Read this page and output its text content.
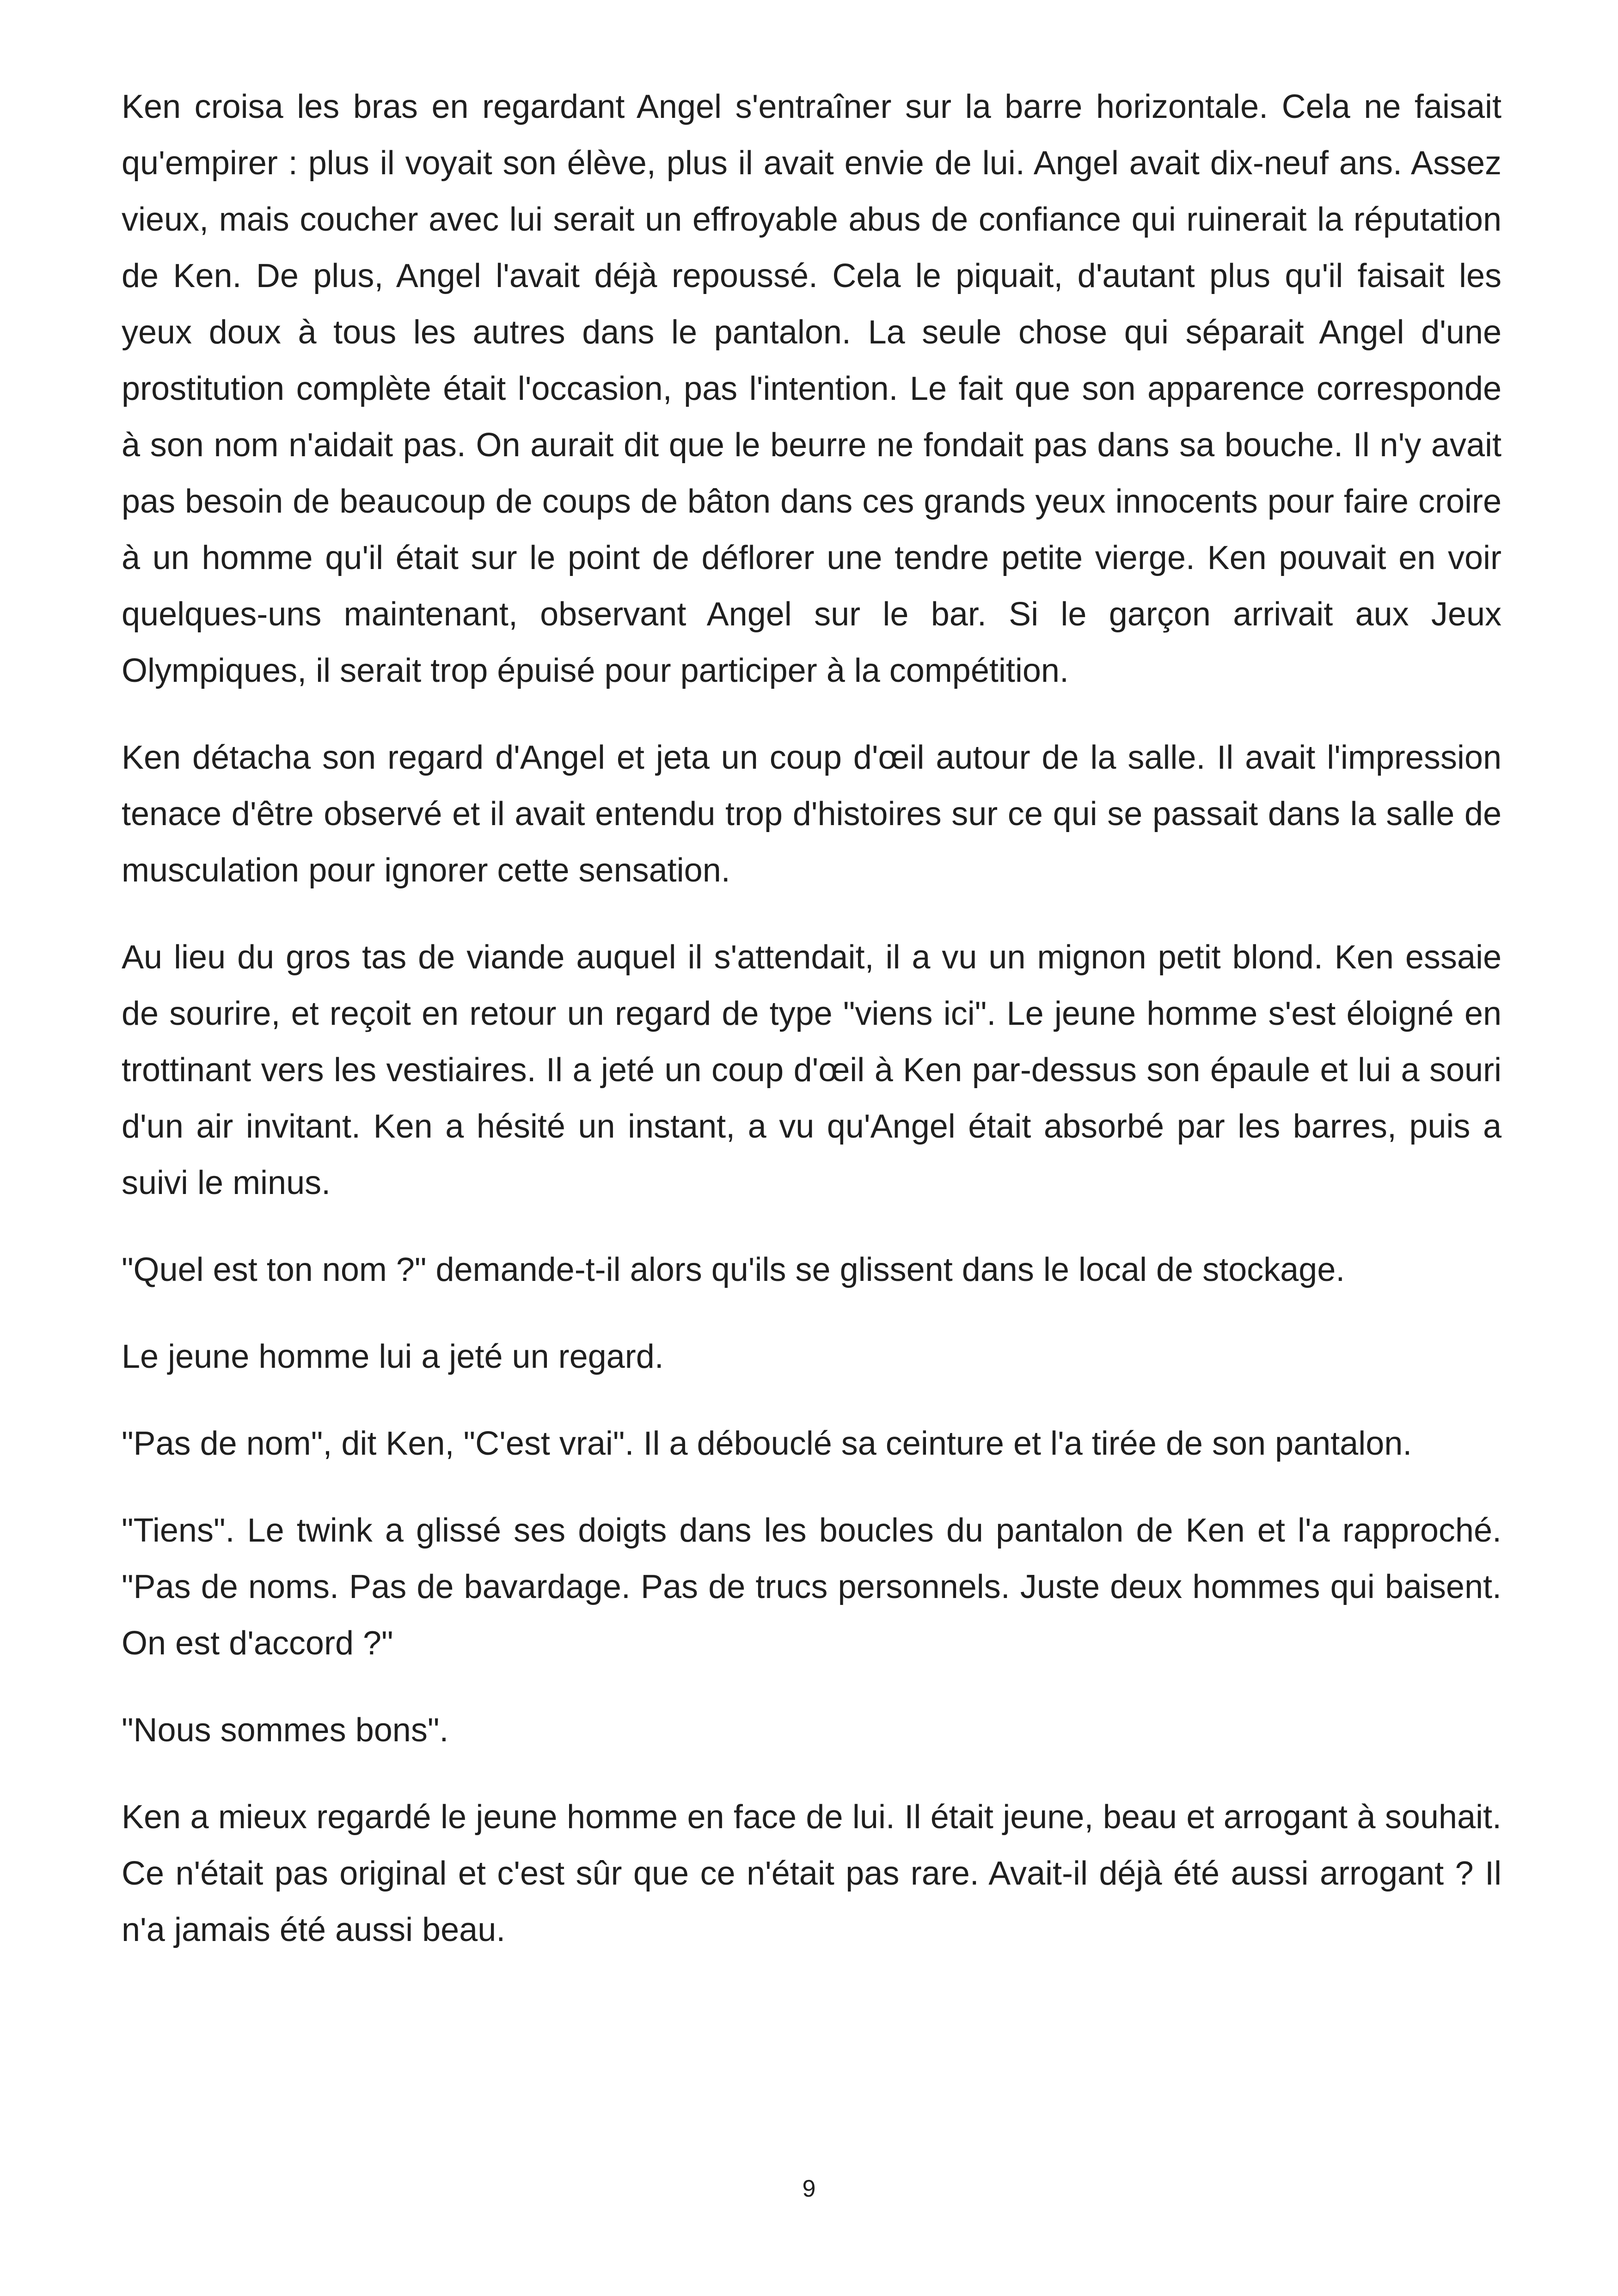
Ken croisa les bras en regardant Angel s'entraîner sur la barre horizontale. Cela ne faisait qu'empirer : plus il voyait son élève, plus il avait envie de lui. Angel avait dix-neuf ans. Assez vieux, mais coucher avec lui serait un effroyable abus de confiance qui ruinerait la réputation de Ken. De plus, Angel l'avait déjà repoussé. Cela le piquait, d'autant plus qu'il faisait les yeux doux à tous les autres dans le pantalon. La seule chose qui séparait Angel d'une prostitution complète était l'occasion, pas l'intention. Le fait que son apparence corresponde à son nom n'aidait pas. On aurait dit que le beurre ne fondait pas dans sa bouche. Il n'y avait pas besoin de beaucoup de coups de bâton dans ces grands yeux innocents pour faire croire à un homme qu'il était sur le point de déflorer une tendre petite vierge. Ken pouvait en voir quelques-uns maintenant, observant Angel sur le bar. Si le garçon arrivait aux Jeux Olympiques, il serait trop épuisé pour participer à la compétition.

Ken détacha son regard d'Angel et jeta un coup d'œil autour de la salle. Il avait l'impression tenace d'être observé et il avait entendu trop d'histoires sur ce qui se passait dans la salle de musculation pour ignorer cette sensation.

Au lieu du gros tas de viande auquel il s'attendait, il a vu un mignon petit blond. Ken essaie de sourire, et reçoit en retour un regard de type "viens ici". Le jeune homme s'est éloigné en trottinant vers les vestiaires. Il a jeté un coup d'œil à Ken par-dessus son épaule et lui a souri d'un air invitant. Ken a hésité un instant, a vu qu'Angel était absorbé par les barres, puis a suivi le minus.

"Quel est ton nom ?" demande-t-il alors qu'ils se glissent dans le local de stockage.

Le jeune homme lui a jeté un regard.

"Pas de nom", dit Ken, "C'est vrai". Il a débouclé sa ceinture et l'a tirée de son pantalon.

"Tiens". Le twink a glissé ses doigts dans les boucles du pantalon de Ken et l'a rapproché. "Pas de noms. Pas de bavardage. Pas de trucs personnels. Juste deux hommes qui baisent. On est d'accord ?"

"Nous sommes bons".

Ken a mieux regardé le jeune homme en face de lui. Il était jeune, beau et arrogant à souhait. Ce n'était pas original et c'est sûr que ce n'était pas rare. Avait-il déjà été aussi arrogant ? Il n'a jamais été aussi beau.

9
